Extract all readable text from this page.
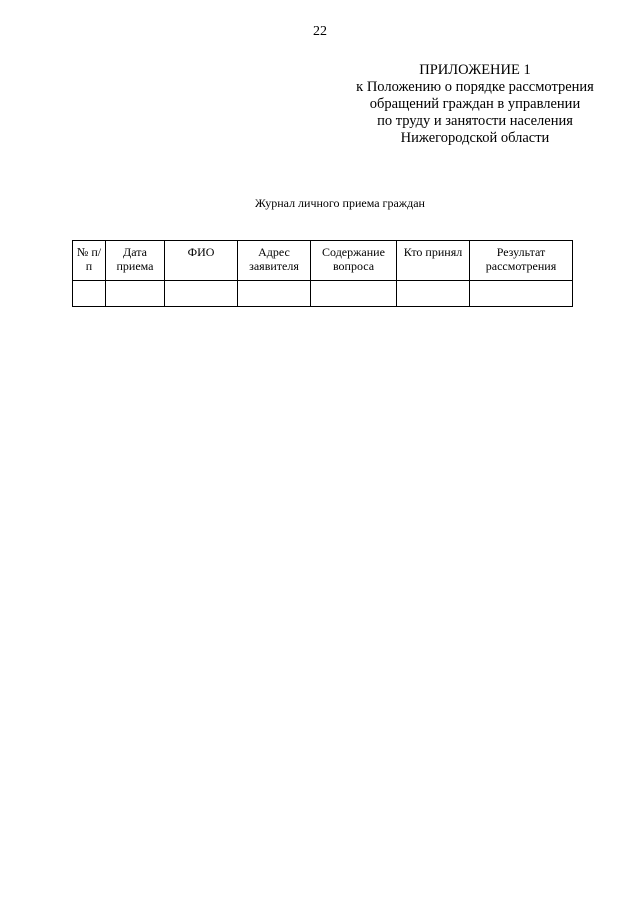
22
ПРИЛОЖЕНИЕ 1
к Положению о порядке рассмотрения
обращений граждан в управлении
по труду и занятости населения
Нижегородской области
Журнал личного приема граждан
№ п/п	Дата приема	ФИО	Адрес заявителя	Содержание вопроса	Кто принял	Результат рассмотрения
